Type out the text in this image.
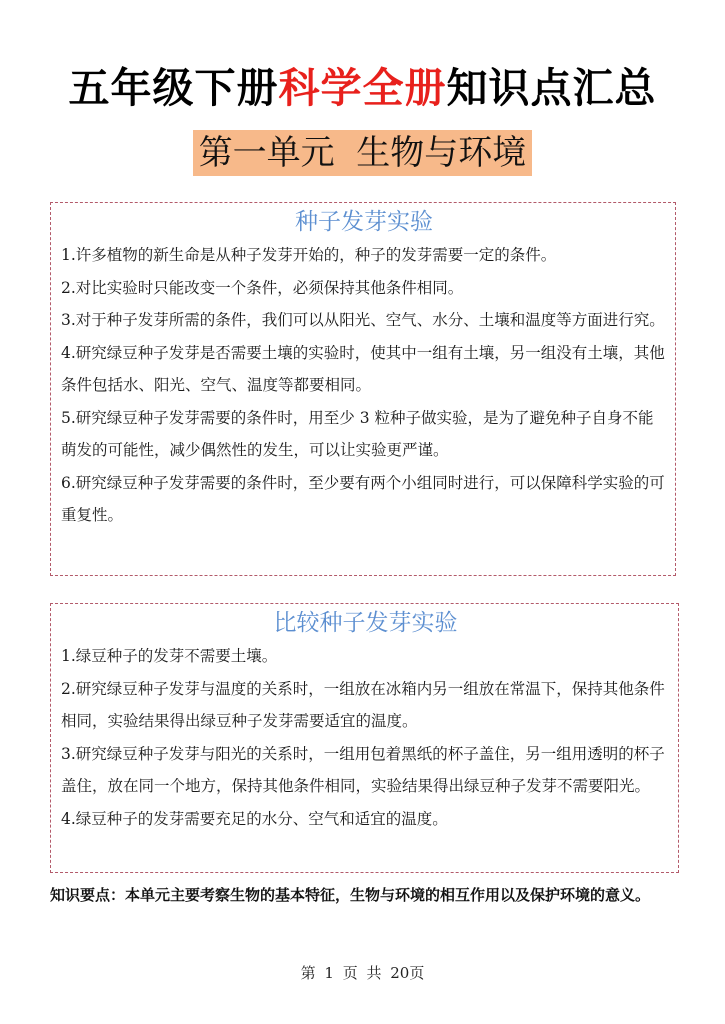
五年级下册科学全册知识点汇总
第一单元  生物与环境
种子发芽实验

1.许多植物的新生命是从种子发芽开始的，种子的发芽需要一定的条件。

2.对比实验时只能改变一个条件，必须保持其他条件相同。

3.对于种子发芽所需的条件，我们可以从阳光、空气、水分、土壤和温度等方面进行究。

4.研究绿豆种子发芽是否需要土壤的实验时，使其中一组有土壤，另一组没有土壤，其他条件包括水、阳光、空气、温度等都要相同。

5.研究绿豆种子发芽需要的条件时，用至少 3 粒种子做实验，是为了避免种子自身不能萌发的可能性，减少偶然性的发生，可以让实验更严谨。

6.研究绿豆种子发芽需要的条件时，至少要有两个小组同时进行，可以保障科学实验的可重复性。

比较种子发芽实验

1.绿豆种子的发芽不需要土壤。

2.研究绿豆种子发芽与温度的关系时，一组放在冰箱内另一组放在常温下，保持其他条件相同，实验结果得出绿豆种子发芽需要适宜的温度。

3.研究绿豆种子发芽与阳光的关系时，一组用包着黑纸的杯子盖住，另一组用透明的杯子盖住，放在同一个地方，保持其他条件相同，实验结果得出绿豆种子发芽不需要阳光。

4.绿豆种子的发芽需要充足的水分、空气和适宜的温度。

知识要点：本单元主要考察生物的基本特征，生物与环境的相互作用以及保护环境的意义。
第 1 页 共 20页
